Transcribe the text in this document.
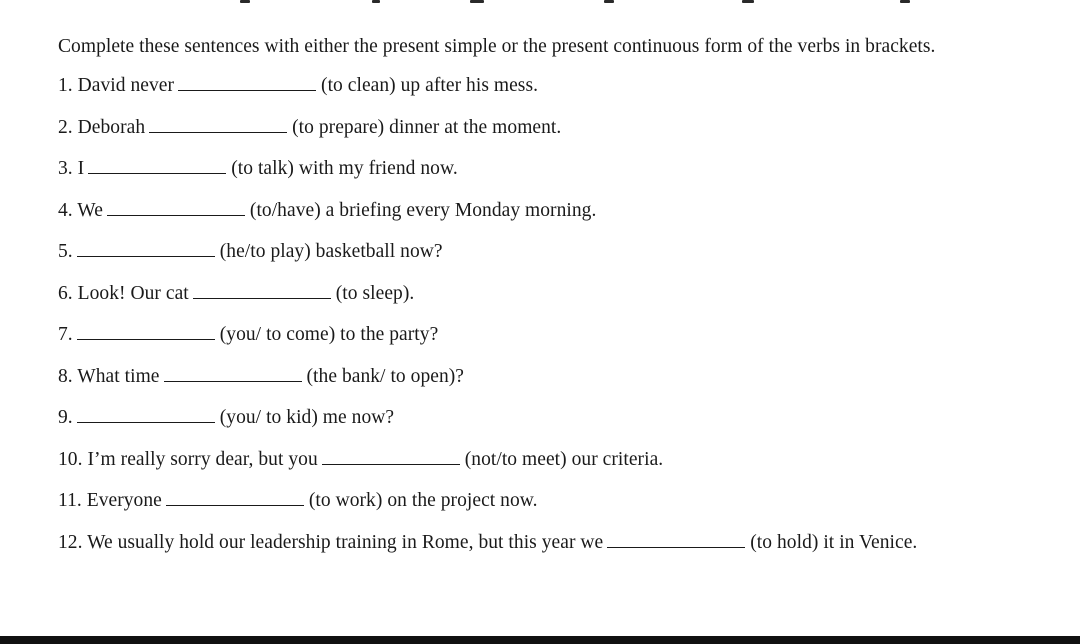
Complete these sentences with either the present simple or the present continuous form of the verbs in brackets.

1. David never	(to clean) up after his mess.
2. Deborah	(to prepare) dinner at the moment.
3. I	(to talk) with my friend now.
4. We	(to/have) a briefing every Monday morning.
5.	(he/to play) basketball now?
6. Look! Our cat	(to sleep).
7.	(you/ to come) to the party?
8. What time	(the bank/ to open)?
9.	(you/ to kid) me now?
10. I’m really sorry dear, but you	(not/to meet) our criteria.
11. Everyone	(to work) on the project now.
12. We usually hold our leadership training in Rome, but this year we	(to hold) it in Venice.
